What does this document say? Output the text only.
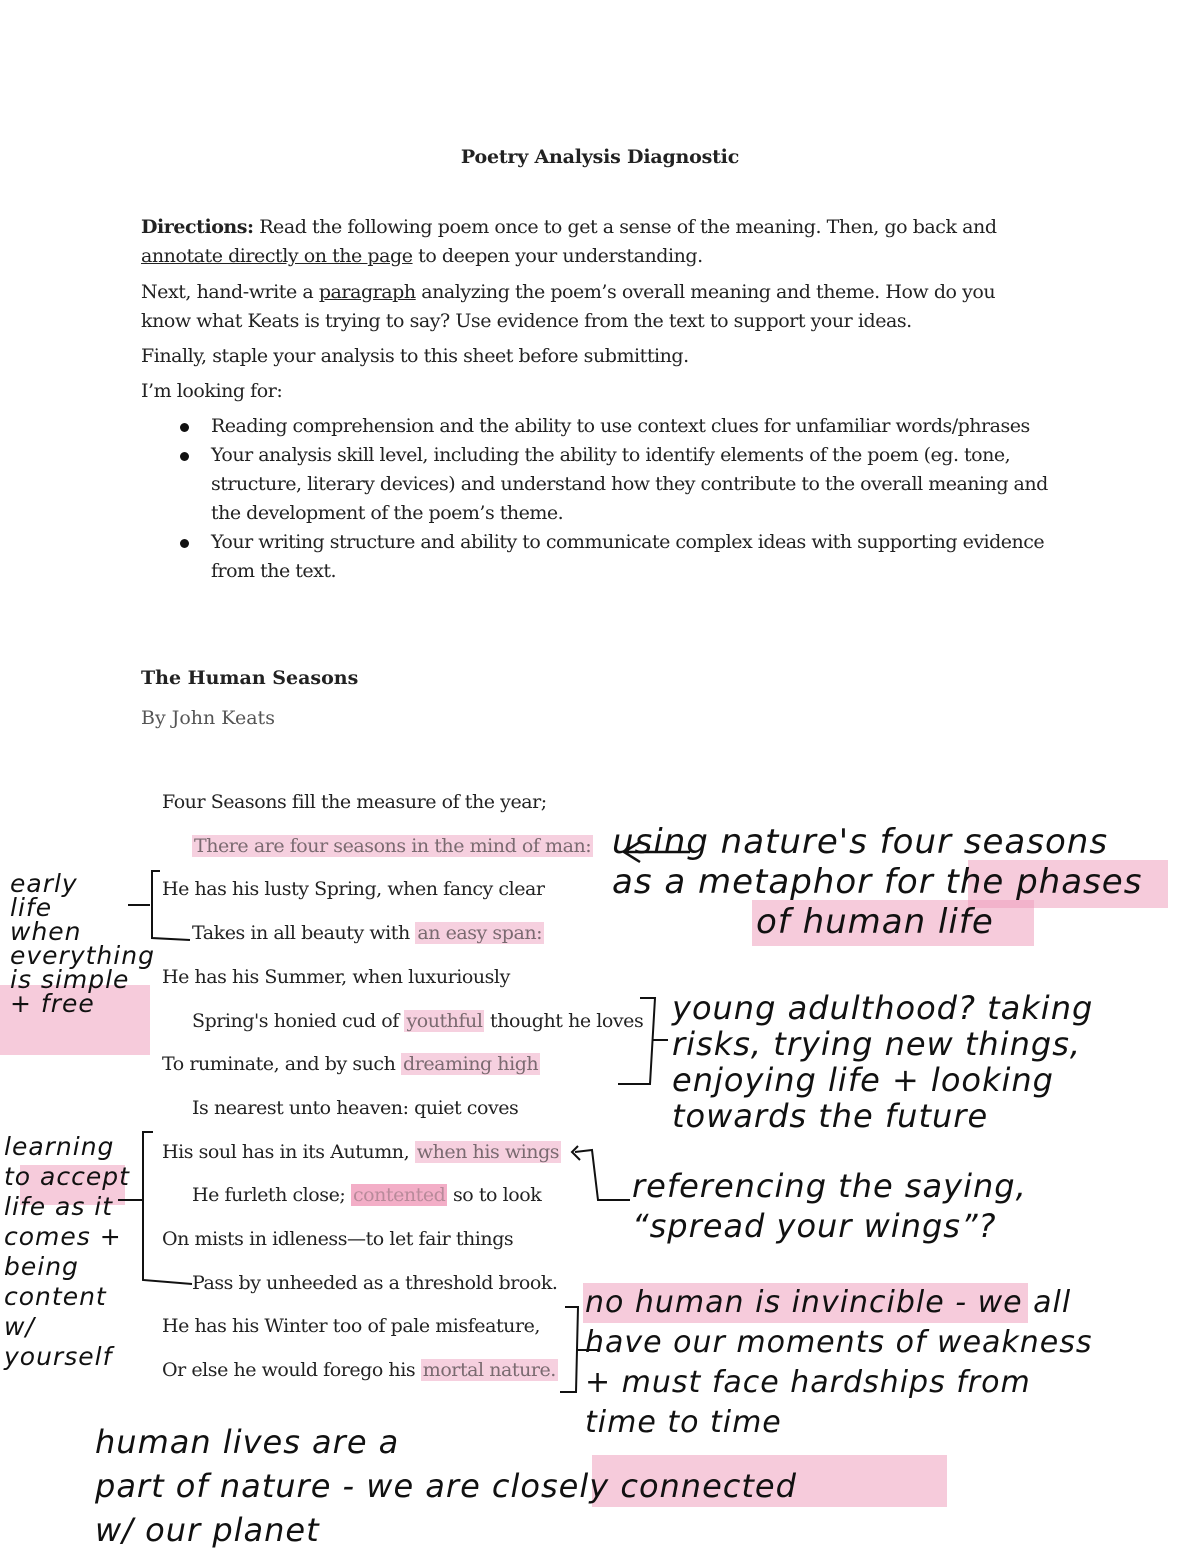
Poetry Analysis Diagnostic
Directions: Read the following poem once to get a sense of the meaning. Then, go back and
annotate directly on the page to deepen your understanding.
Next, hand-write a paragraph analyzing the poem’s overall meaning and theme. How do you
know what Keats is trying to say? Use evidence from the text to support your ideas.
Finally, staple your analysis to this sheet before submitting.
I’m looking for:
Reading comprehension and the ability to use context clues for unfamiliar words/phrases
Your analysis skill level, including the ability to identify elements of the poem (eg. tone, structure, literary devices) and understand how they contribute to the overall meaning and the development of the poem’s theme.
Your writing structure and ability to communicate complex ideas with supporting evidence from the text.
The Human Seasons
By John Keats
Four Seasons fill the measure of the year;
There are four seasons in the mind of man:
He has his lusty Spring, when fancy clear
Takes in all beauty with an easy span:
He has his Summer, when luxuriously
Spring's honied cud of youthful thought he loves
To ruminate, and by such dreaming high
Is nearest unto heaven: quiet coves
His soul has in its Autumn, when his wings
He furleth close; contented so to look
On mists in idleness—to let fair things
Pass by unheeded as a threshold brook.
He has his Winter too of pale misfeature,
Or else he would forego his mortal nature.
using nature's four seasons
as a metaphor for the phases
of human life
early
life
when
everything
is simple
+ free	young adulthood? taking
risks, trying new things,
enjoying life + looking
towards the future
learning
to accept
life as it
comes +
being
content
w/
yourself
referencing the saying,
“spread your wings”?
no human is invincible - we all
have our moments of weakness
+ must face hardships from
time to time
human lives are a
part of nature - we are closely connected
w/ our planet
